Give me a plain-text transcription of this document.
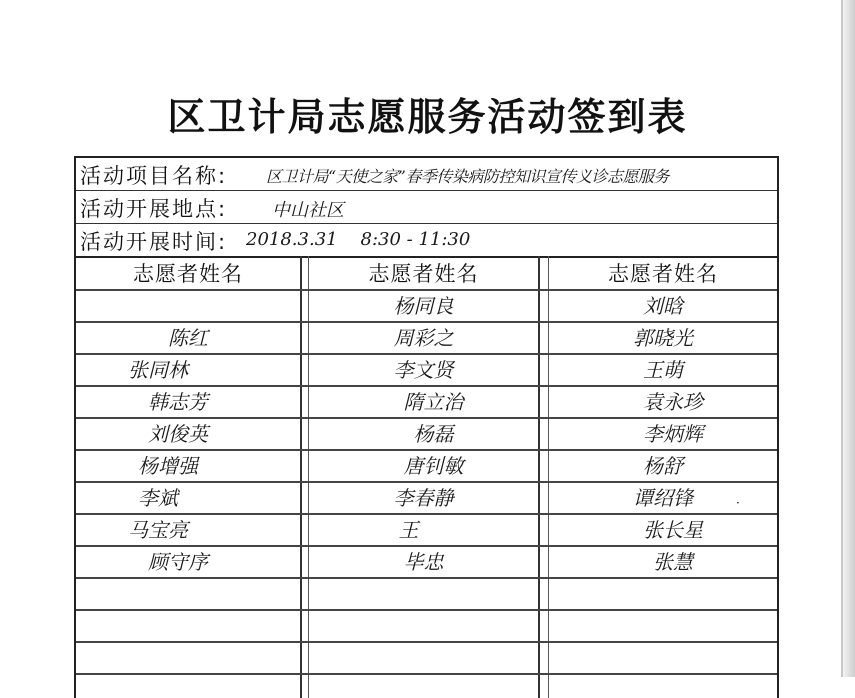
区卫计局志愿服务活动签到表
活动项目名称: 区卫计局“天使之家”春季传染病防控知识宣传义诊志愿服务
活动开展地点: 中山社区
活动开展时间: 2018.3.31    8:30 - 11:30
志愿者姓名	志愿者姓名	志愿者姓名
陈红
张同林
韩志芳
刘俊英
杨增强
李斌
马宝亮
顾守序
杨同良
周彩之
李文贤
隋立治
杨磊
唐钊敏
李春静
王
毕忠
刘晗
郭晓光
王萌
袁永珍
李炳辉
杨舒
谭绍锋
张长星
张慧
·
